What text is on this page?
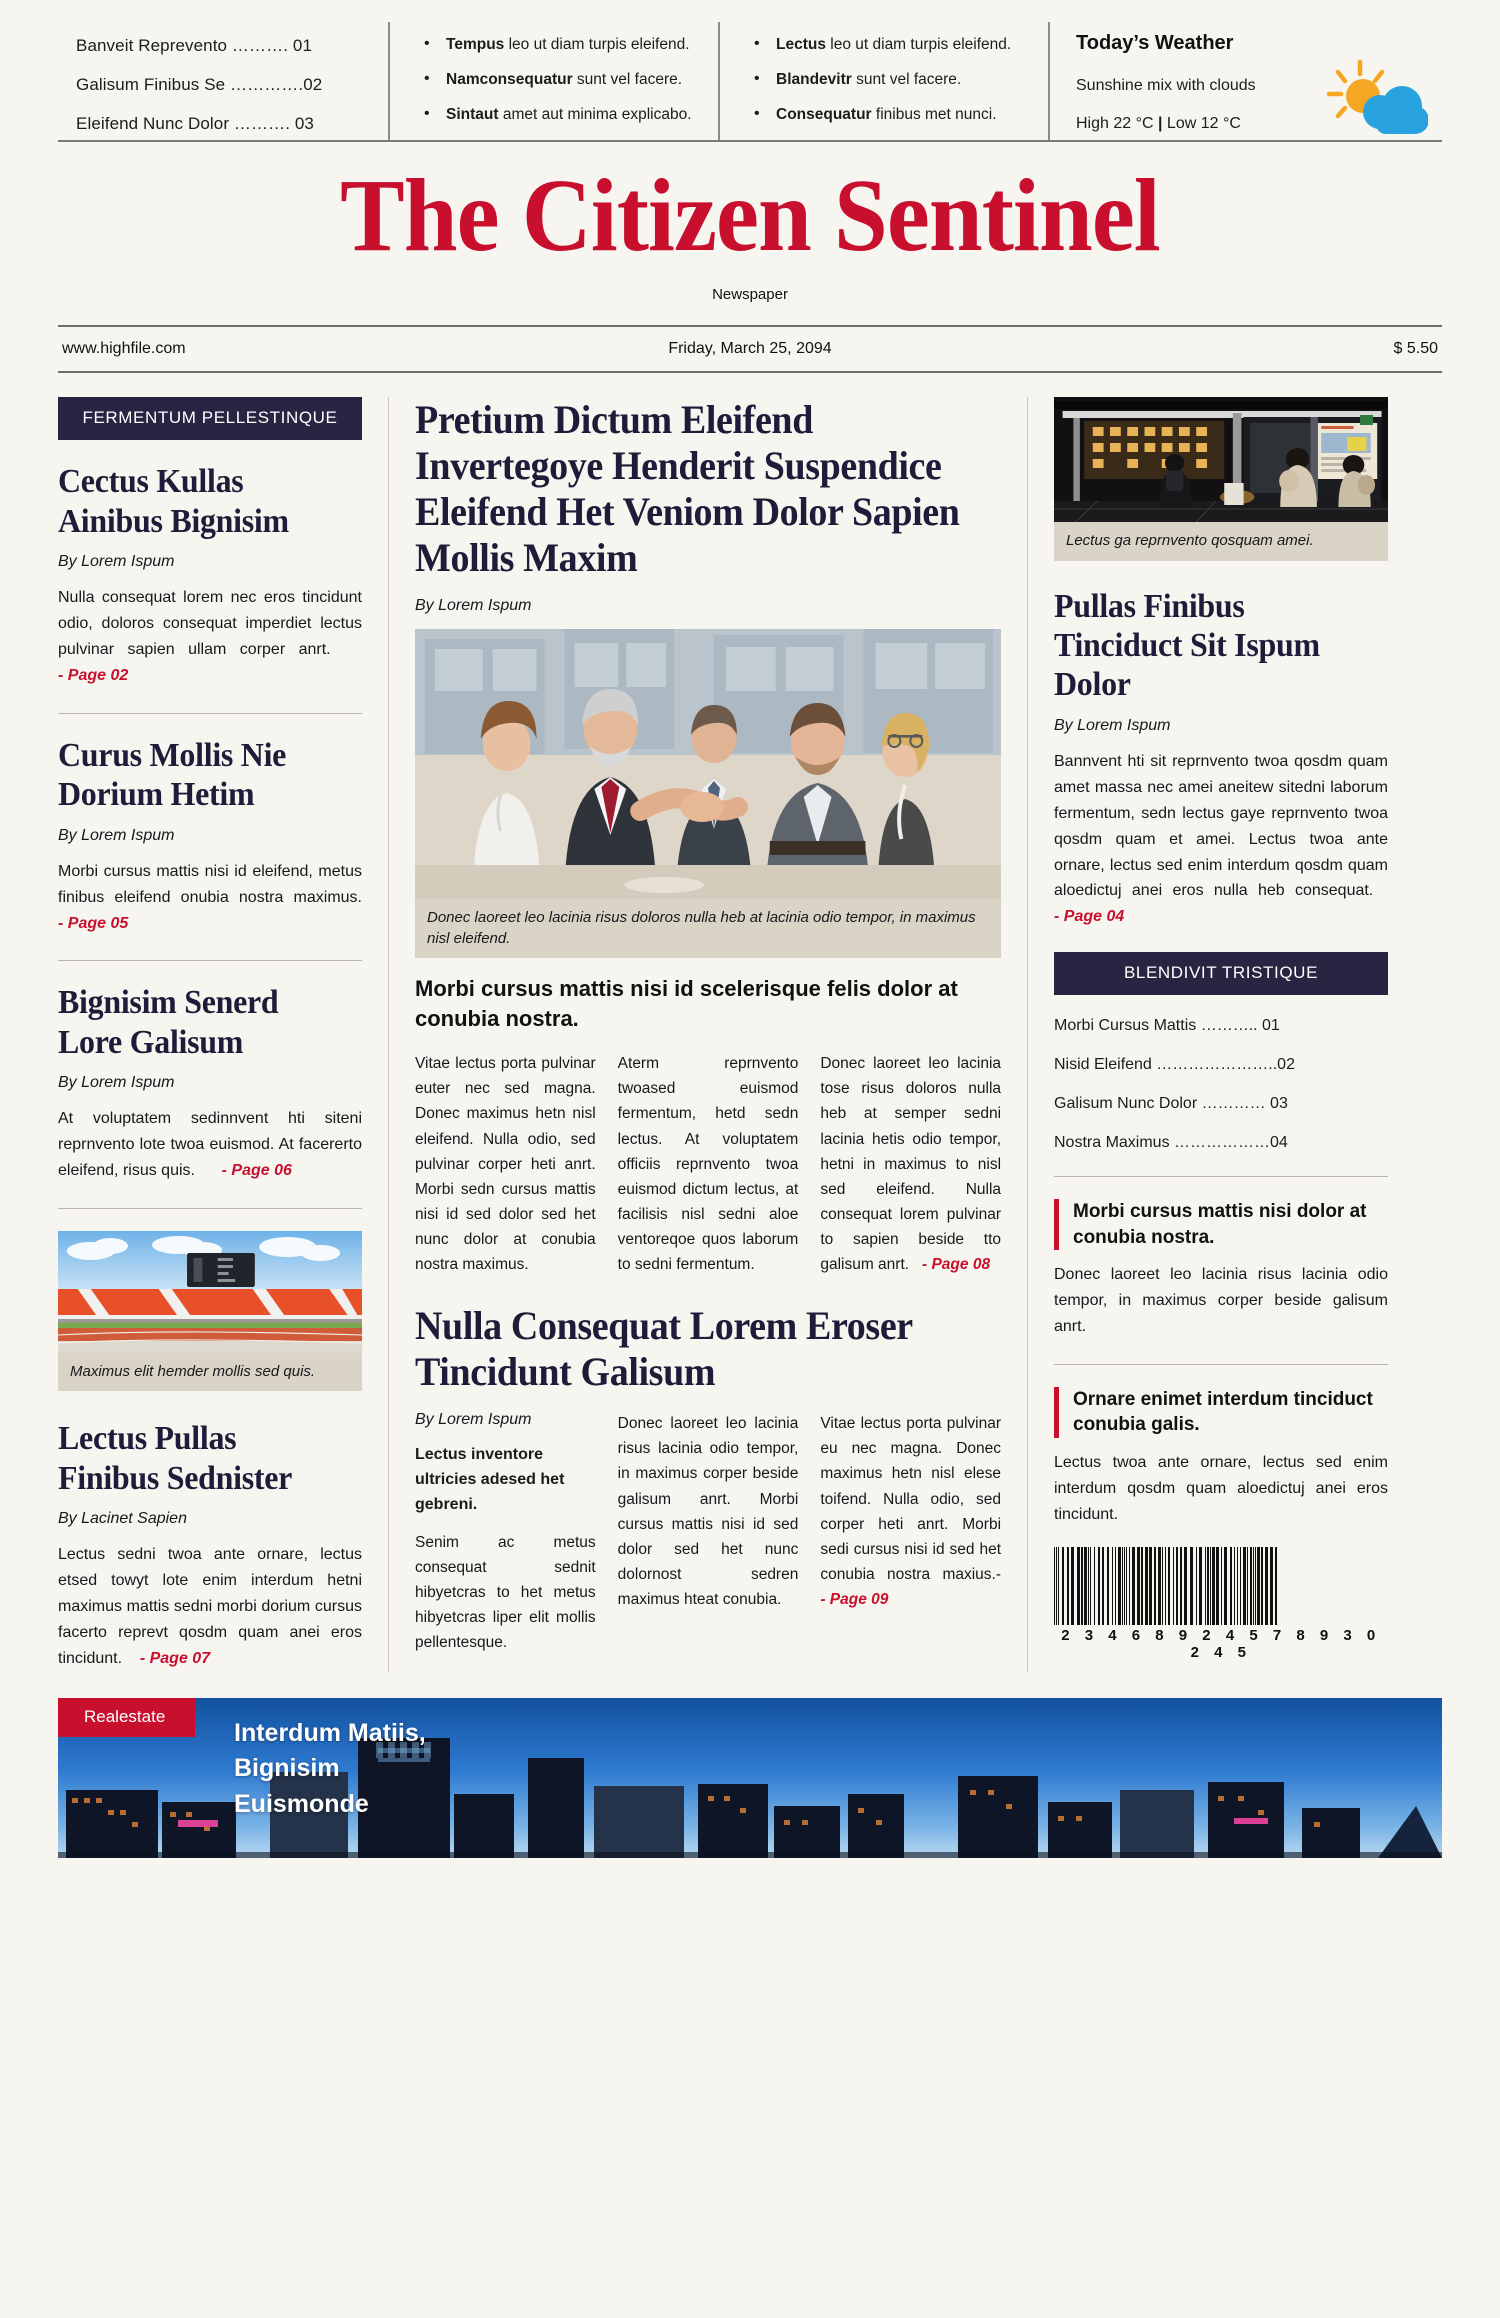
Banveit Reprevento ………. 01
Galisum Finibus Se ………….02
Eleifend Nunc Dolor ………. 03
• Tempus leo ut diam turpis eleifend.
• Namconsequatur sunt vel facere.
• Sintaut amet aut minima explicabo.
• Lectus leo ut diam turpis eleifend.
• Blandevitr sunt vel facere.
• Consequatur finibus met nunci.
Today’s Weather
Sunshine mix with clouds
High 22 °C | Low 12 °C
The Citizen Sentinel
Newspaper
www.highfile.com	Friday, March 25, 2094	$ 5.50
FERMENTUM PELLESTINQUE
Cectus Kullas Ainibus Bignisim
By Lorem Ispum

Nulla consequat lorem nec eros tincidunt odio, doloros consequat imperdiet lectus pulvinar sapien ullam corper anrt.    - Page 02

Curus Mollis Nie Dorium Hetim
By Lorem Ispum

Morbi cursus mattis nisi id eleifend, metus finibus eleifend onubia nostra maximus. - Page 05

Bignisim Senerd Lore Galisum
By Lorem Ispum

At voluptatem sedinnvent hti siteni reprnvento lote twoa euismod. At facererto eleifend, risus quis. - Page 06

Maximus elit hemder mollis sed quis.
Lectus Pullas Finibus Sednister
By Lacinet Sapien

Lectus sedni twoa ante ornare, lectus etsed towyt lote enim interdum hetni maximus mattis sedni morbi dorium cursus facerto reprevt qosdm quam anei eros tincidunt. - Page 07

Pretium Dictum Eleifend Invertegoye Henderit Suspendice Eleifend Het Veniom Dolor Sapien Mollis Maxim
By Lorem Ispum
Donec laoreet leo lacinia risus doloros nulla heb at lacinia odio tempor, in maximus nisl eleifend.
Morbi cursus mattis nisi id scelerisque felis dolor at conubia nostra.

Vitae lectus porta pulvinar euter nec sed magna. Donec maximus hetn nisl eleifend. Nulla odio, sed pulvinar corper heti anrt. Morbi sedn cursus mattis nisi id sed dolor sed het nunc dolor at conubia nostra maximus.

Aterm reprnvento twoased euismod fermentum, hetd sedn lectus. At voluptatem officiis reprnvento twoa euismod dictum lectus, at facilisis nisl sedni aloe ventoreqoe quos laborum to sedni fermentum.

Donec laoreet leo lacinia tose risus doloros nulla heb at semper sedni lacinia hetis odio tempor, hetni in maximus to nisl sed eleifend. Nulla consequat lorem pulvinar to sapien beside tto galisum anrt. - Page 08

Nulla Consequat Lorem Eroser Tincidunt Galisum
By Lorem Ispum
Lectus inventore ultricies adesed het gebreni.

Senim ac metus consequat sednit hibyetcras to het metus hibyetcras liper elit mollis pellentesque.

Donec laoreet leo lacinia risus lacinia odio tempor, in maximus corper beside galisum anrt. Morbi cursus mattis nisi id sed dolor sed het nunc dolornost sedren maximus hteat conubia.

Vitae lectus porta pulvinar eu nec magna. Donec maximus hetn nisl elese toifend. Nulla odio, sed corper heti anrt. Morbi sedi cursus nisi id sed het conubia nostra maxius.- - Page 09

Lectus ga reprnvento qosquam amei.
Pullas Finibus Tinciduct Sit Ispum Dolor
By Lorem Ispum

Bannvent hti sit reprnvento twoa qosdm quam amet massa nec amei aneitew sitedni laborum fermentum, sedn lectus gaye reprnvento twoa qosdm quam et amei. Lectus twoa ante ornare, lectus sed enim interdum qosdm quam aloedictuj anei eros nulla heb consequat.   - Page 04

BLENDIVIT TRISTIQUE
Morbi Cursus Mattis ……….. 01
Nisid Eleifend …………………..02
Galisum Nunc Dolor ………… 03
Nostra Maximus ………………04
Morbi cursus mattis nisi dolor at conubia nostra.

Donec laoreet leo lacinia risus lacinia odio tempor, in maximus corper beside galisum anrt.

Ornare enimet interdum tinciduct conubia galis.

Lectus twoa ante ornare, lectus sed enim interdum qosdm quam aloedictuj anei eros tincidunt.

2 3 4 6 8 9 2 4 5 7 8 9 3 0 2 4 5
Realestate
Interdum Matiis,
Bignisim
Euismonde
